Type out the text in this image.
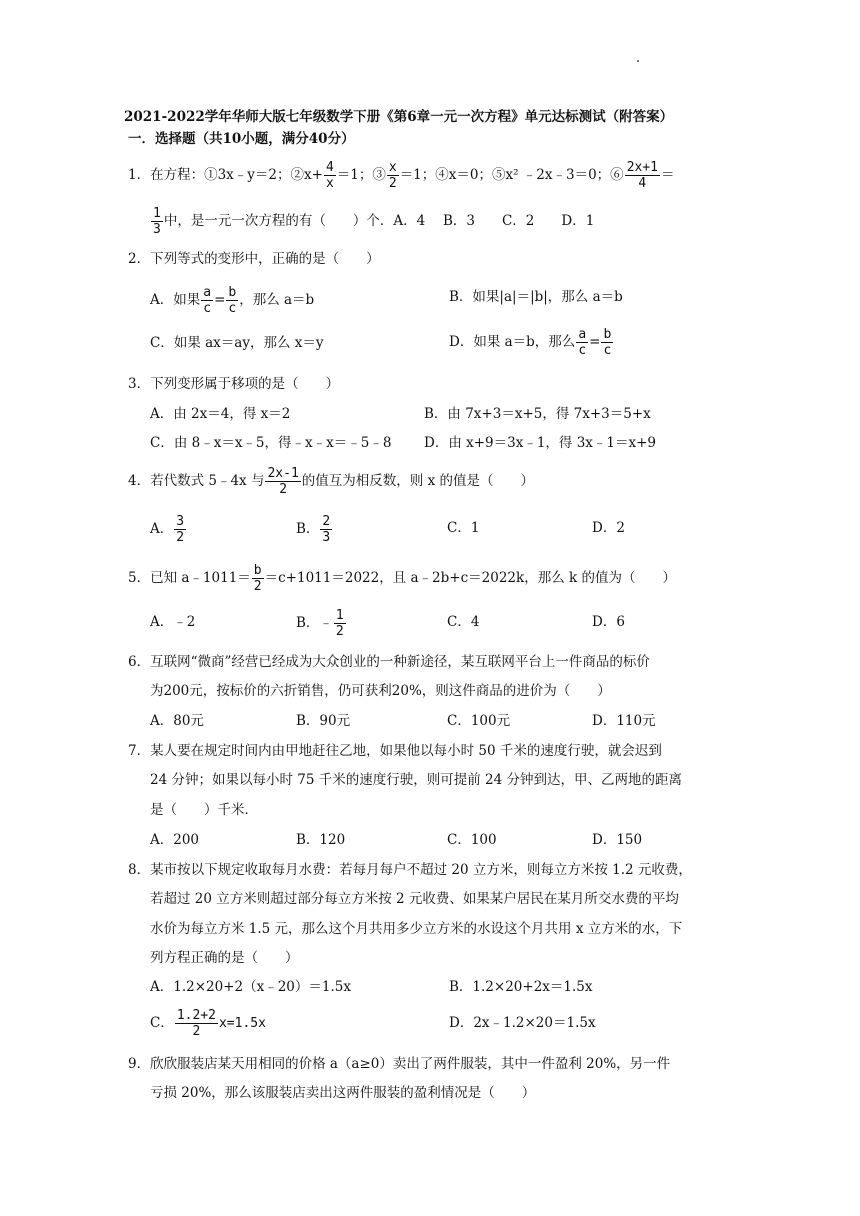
2021-2022学年华师大版七年级数学下册《第6章一元一次方程》单元达标测试（附答案）
一．选择题（共10小题，满分40分）
1．在方程：①3x﹣y＝2；②x+ $\frac{4}{x} =1$；③ $\frac{x}{2} =1$；④x＝0；⑤x² ﹣2x﹣3＝0；⑥ $\frac{2x+1}{4}$ ＝
$\frac{1}{3}$ 中，是一元一次方程的有（　　）个．A．4　 B．3　　C．2　　D．1
2．下列等式的变形中，正确的是（　　）
A．如果 $\frac{a}{c} = \frac{b}{c}$ ，那么 a＝b	B．如果|a|＝|b|，那么 a＝b
C．如果 ax＝ay，那么 x＝y	D．如果 a＝b，那么 $\frac{a}{c} = \frac{b}{c}$
3．下列变形属于移项的是（　　）
A．由 2x＝4，得 x＝2	B．由 7x+3＝x+5，得 7x+3＝5+x
C．由 8﹣x＝x﹣5，得﹣x﹣x＝﹣5﹣8 D．由 x+9＝3x﹣1，得 3x﹣1＝x+9
4．若代数式 5﹣4x 与 $\frac{2x-1}{2}$ 的值互为相反数，则 x 的值是（　　）
A． $\frac{3}{2}$	B． $\frac{2}{3}$	C．1	D．2
5．已知 a﹣1011＝ $\frac{b}{2} =c+1011=2022$，且 a﹣2b+c＝2022k，那么 k 的值为（　　）
A．﹣2	B．﹣ $\frac{1}{2}$	C．4	D．6
6．互联网“微商”经营已经成为大众创业的一种新途径，某互联网平台上一件商品的标价
为200元，按标价的六折销售，仍可获利20%，则这件商品的进价为（　　）
A．80元	B．90元	C．100元	D．110元
7．某人要在规定时间内由甲地赶往乙地，如果他以每小时 50 千米的速度行驶，就会迟到
24 分钟；如果以每小时 75 千米的速度行驶，则可提前 24 分钟到达，甲、乙两地的距离
是（　　）千米．
A．200	B．120	C．100	D．150
8．某市按以下规定收取每月水费：若每月每户不超过 20 立方米，则每立方米按 1.2 元收费，
若超过 20 立方米则超过部分每立方米按 2 元收费、如果某户居民在某月所交水费的平均
水价为每立方米 1.5 元，那么这个月共用多少立方米的水设这个月共用 x 立方米的水，下
列方程正确的是（　　）
A．1.2×20+2（x﹣20）＝1.5x	B．1.2×20+2x＝1.5x
C． $\frac{1.2+2}{2} x=1.5x$	D．2x﹣1.2×20＝1.5x
9．欣欣服装店某天用相同的价格 a（a≥0）卖出了两件服装，其中一件盈利 20%，另一件
亏损 20%，那么该服装店卖出这两件服装的盈利情况是（　　）
